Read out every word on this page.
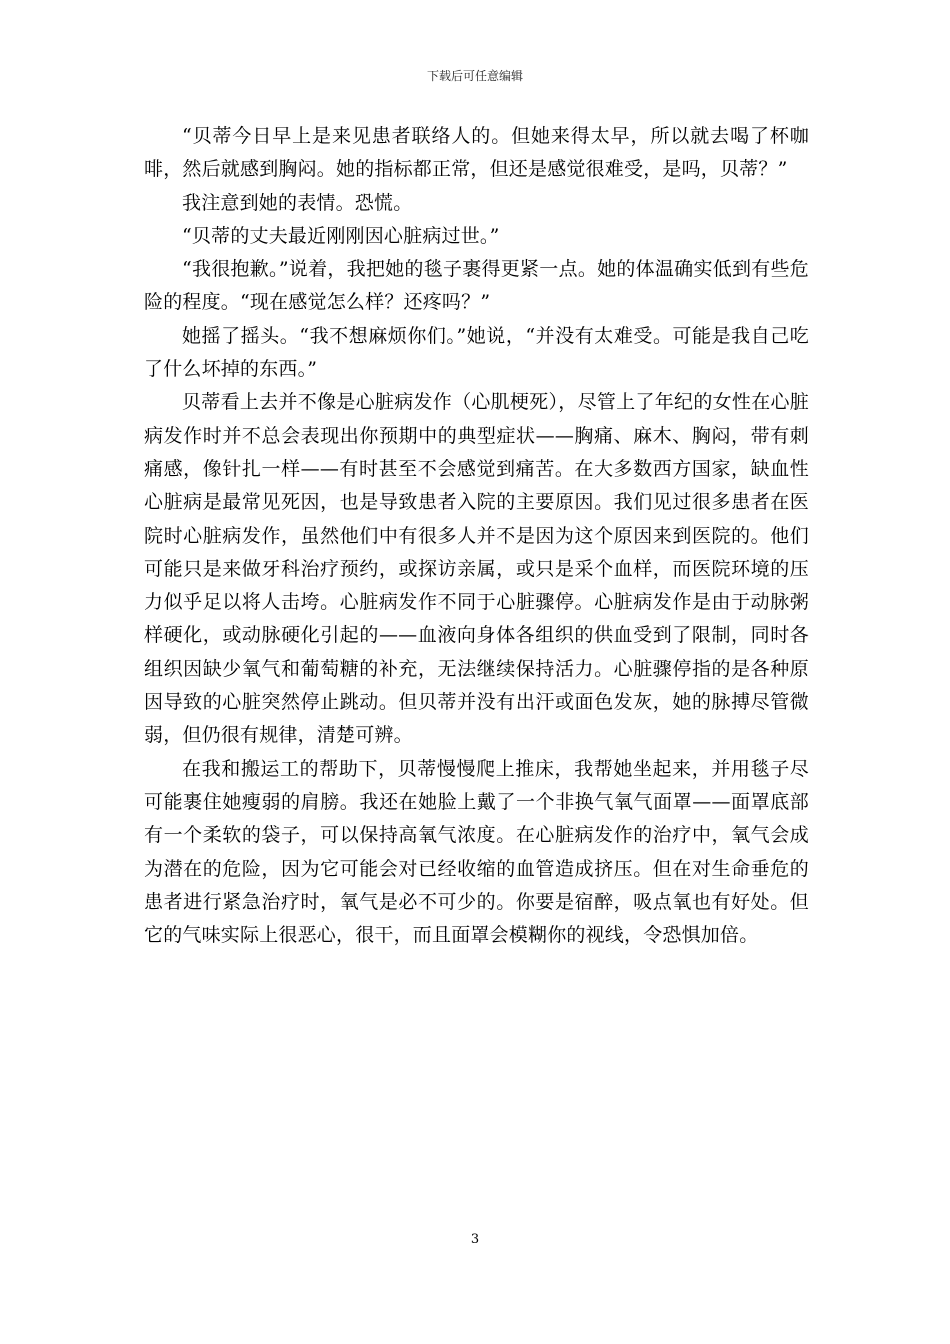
下载后可任意编辑

“贝蒂今日早上是来见患者联络人的。但她来得太早，所以就去喝了杯咖啡，然后就感到胸闷。她的指标都正常，但还是感觉很难受，是吗，贝蒂？”

我注意到她的表情。恐慌。

“贝蒂的丈夫最近刚刚因心脏病过世。”

“我很抱歉。”说着，我把她的毯子裹得更紧一点。她的体温确实低到有些危险的程度。“现在感觉怎么样？还疼吗？”

她摇了摇头。“我不想麻烦你们。”她说，“并没有太难受。可能是我自己吃了什么坏掉的东西。”

贝蒂看上去并不像是心脏病发作（心肌梗死），尽管上了年纪的女性在心脏病发作时并不总会表现出你预期中的典型症状——胸痛、麻木、胸闷，带有刺痛感，像针扎一样——有时甚至不会感觉到痛苦。在大多数西方国家，缺血性心脏病是最常见死因，也是导致患者入院的主要原因。我们见过很多患者在医院时心脏病发作，虽然他们中有很多人并不是因为这个原因来到医院的。他们可能只是来做牙科治疗预约，或探访亲属，或只是采个血样，而医院环境的压力似乎足以将人击垮。心脏病发作不同于心脏骤停。心脏病发作是由于动脉粥样硬化，或动脉硬化引起的——血液向身体各组织的供血受到了限制，同时各组织因缺少氧气和葡萄糖的补充，无法继续保持活力。心脏骤停指的是各种原因导致的心脏突然停止跳动。但贝蒂并没有出汗或面色发灰，她的脉搏尽管微弱，但仍很有规律，清楚可辨。

在我和搬运工的帮助下，贝蒂慢慢爬上推床，我帮她坐起来，并用毯子尽可能裹住她瘦弱的肩膀。我还在她脸上戴了一个非换气氧气面罩——面罩底部有一个柔软的袋子，可以保持高氧气浓度。在心脏病发作的治疗中，氧气会成为潜在的危险，因为它可能会对已经收缩的血管造成挤压。但在对生命垂危的患者进行紧急治疗时，氧气是必不可少的。你要是宿醉，吸点氧也有好处。但它的气味实际上很恶心，很干，而且面罩会模糊你的视线，令恐惧加倍。

3
